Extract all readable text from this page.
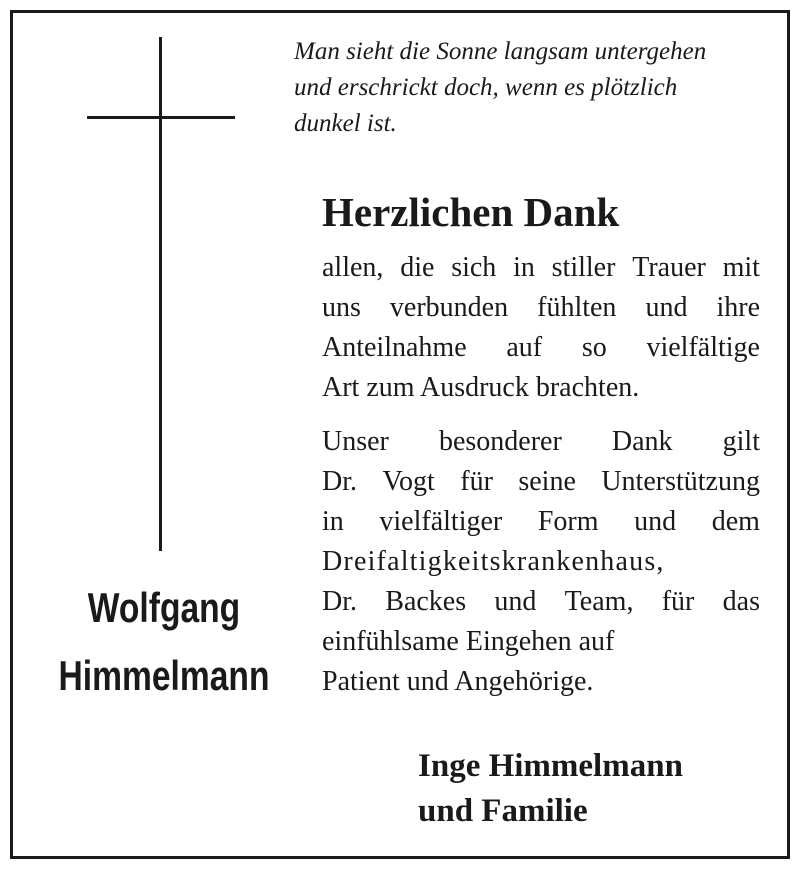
Man sieht die Sonne langsam untergehen
und erschrickt doch, wenn es plötzlich
dunkel ist.
Herzlichen Dank
allen, die sich in stiller Trauer mit
uns verbunden fühlten und ihre
Anteilnahme auf so vielfältige
Art zum Ausdruck brachten.
Unser besonderer Dank gilt
Dr. Vogt für seine Unterstützung
in vielfältiger Form und dem
Dreifaltigkeitskrankenhaus,
Dr. Backes und Team, für das
einfühlsame Eingehen auf
Patient und Angehörige.
Wolfgang
Himmelmann
Inge Himmelmann
und Familie
